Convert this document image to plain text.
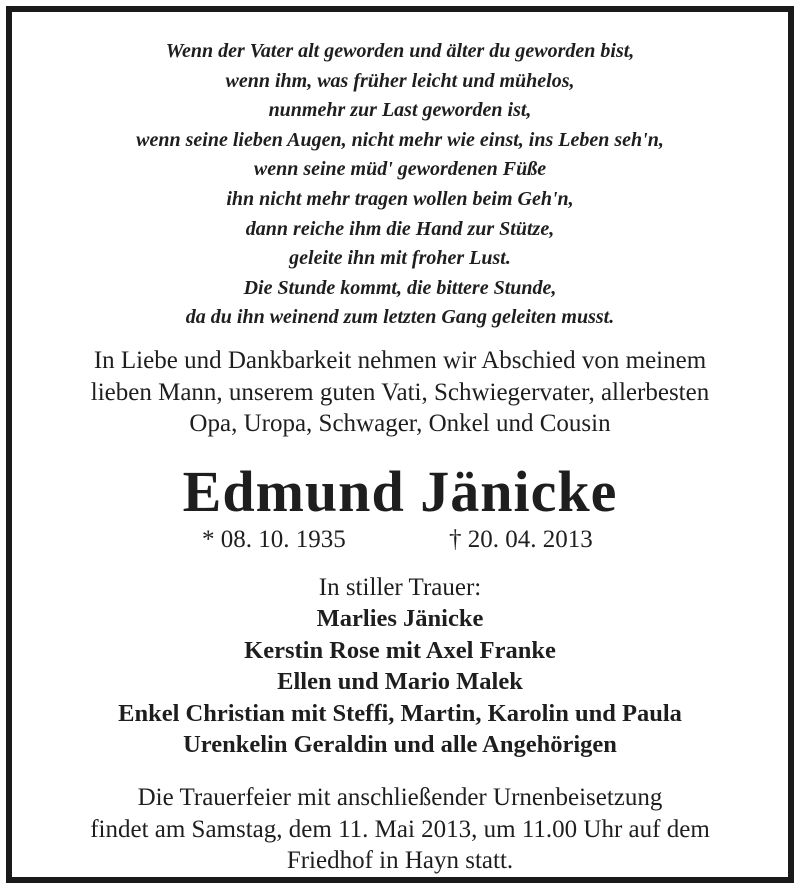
Wenn der Vater alt geworden und älter du geworden bist,
wenn ihm, was früher leicht und mühelos,
nunmehr zur Last geworden ist,
wenn seine lieben Augen, nicht mehr wie einst, ins Leben seh'n,
wenn seine müd' gewordenen Füße
ihn nicht mehr tragen wollen beim Geh'n,
dann reiche ihm die Hand zur Stütze,
geleite ihn mit froher Lust.
Die Stunde kommt, die bittere Stunde,
da du ihn weinend zum letzten Gang geleiten musst.
In Liebe und Dankbarkeit nehmen wir Abschied von meinem
lieben Mann, unserem guten Vati, Schwiegervater, allerbesten
Opa, Uropa, Schwager, Onkel und Cousin
Edmund Jänicke
* 08. 10. 1935	† 20. 04. 2013
In stiller Trauer:
Marlies Jänicke
Kerstin Rose mit Axel Franke
Ellen und Mario Malek
Enkel Christian mit Steffi, Martin, Karolin und Paula
Urenkelin Geraldin und alle Angehörigen
Die Trauerfeier mit anschließender Urnenbeisetzung
findet am Samstag, dem 11. Mai 2013, um 11.00 Uhr auf dem
Friedhof in Hayn statt.
